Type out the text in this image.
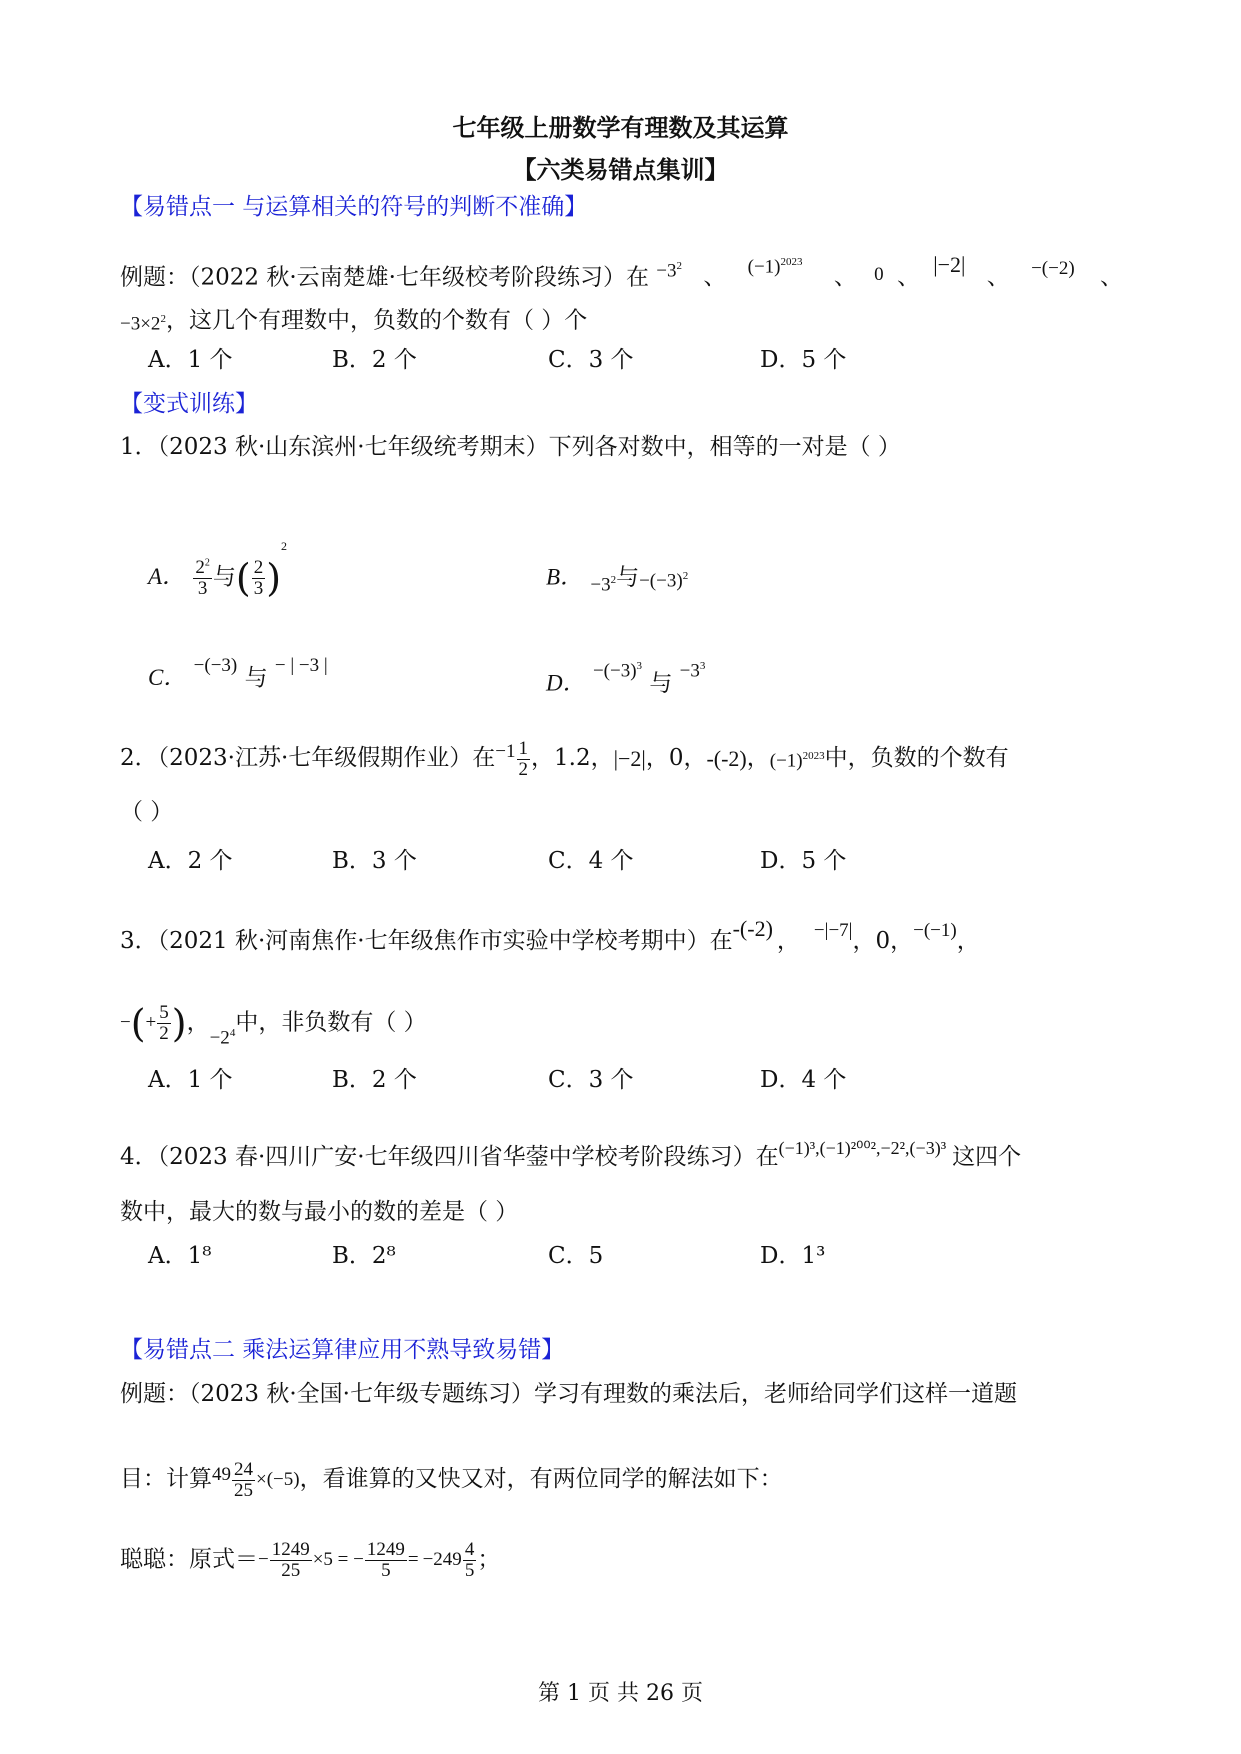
七年级上册数学有理数及其运算
【六类易错点集训】
【易错点一 与运算相关的符号的判断不准确】
例题：（2022 秋·云南楚雄·七年级校考阶段练习）在 $-3^2$ 、 $(-1)^{2023}$ 、 0 、 |−2| 、 −(−2) 、
$-3\times 2^2$，这几个有理数中，负数的个数有（ ）个
A．1 个	B．2 个	C．3 个	D．5 个
【变式训练】
1．（2023 秋·山东滨州·七年级统考期末）下列各对数中，相等的一对是（ ）
A． $\frac{2^2}{3}$ 与( $\frac{2}{3} )^2$
B． $-3^2$与$-(-3)^2$
C． −(−3) 与 − | −3 |
D． $-(-3)^3$ 与 $-3^3$
2．（2023·江苏·七年级假期作业）在$-1 \frac{1}{2}$ ，1.2，|−2|，0，-(-2)，$(-1)^{2023}$中，负数的个数有
（ ）
A．2 个	B．3 个	C．4 个	D．5 个
3．（2021 秋·河南焦作·七年级焦作市实验中学校考期中）在-(-2) ， −|−7|，0，−(−1)，
−(+ $\frac{5}{2}$ )，$-2^4$中，非负数有（ ）
A．1 个	B．2 个	C．3 个	D．4 个
4．（2023 春·四川广安·七年级四川省华蓥中学校考阶段练习）在(−1)³,(−1)²⁰⁰²,−2²,(−3)³ 这四个
数中，最大的数与最小的数的差是（ ）
A．1⁸	B．2⁸	C．5	D．1³
【易错点二 乘法运算律应用不熟导致易错】
例题：（2023 秋·全国·七年级专题练习）学习有理数的乘法后，老师给同学们这样一道题
目：计算$49 \frac{24}{25} \times(-5)$，看谁算的又快又对，有两位同学的解法如下：
聪聪：原式＝− $\frac{1249}{25} \times 5$ = − $\frac{1249}{5} = -249 \frac{4}{5}$ ；
第 1 页 共 26 页
